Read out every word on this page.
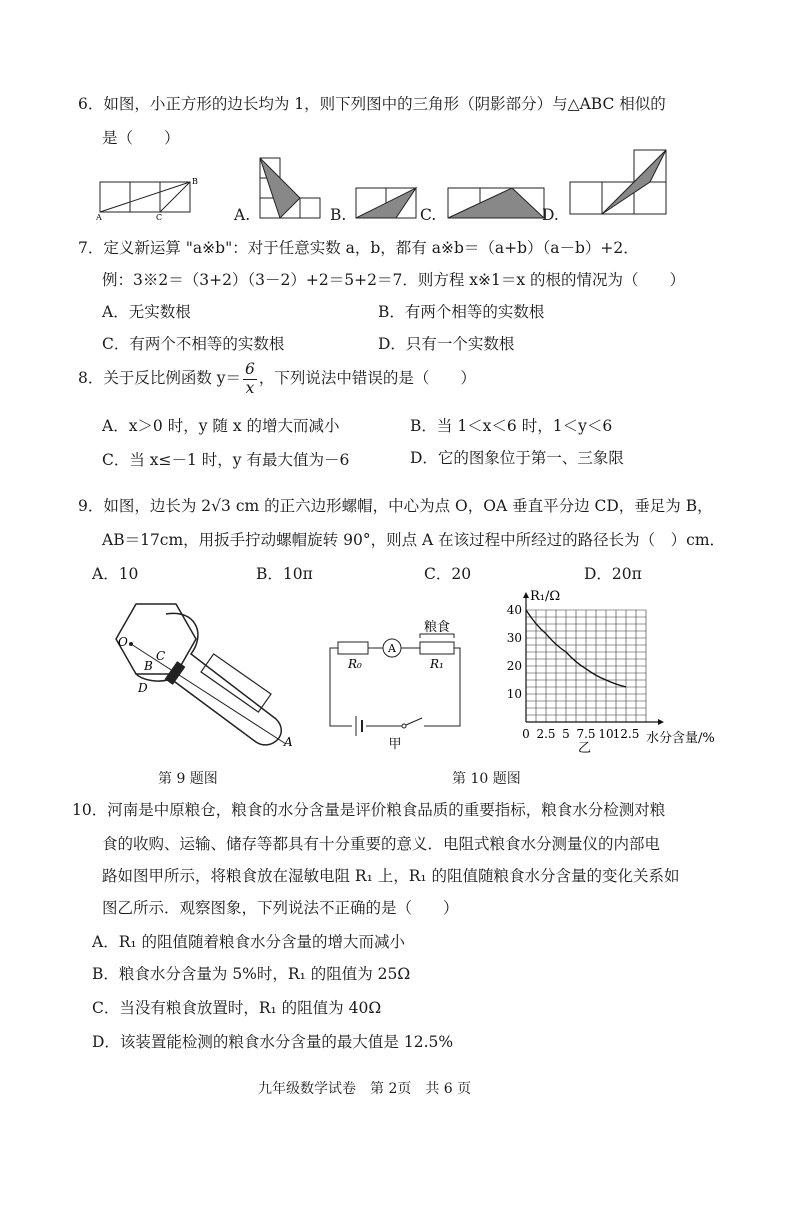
6．如图，小正方形的边长均为 1，则下列图中的三角形（阴影部分）与△ABC 相似的
是（　　）
A
B
C	A.	B.	C.	D.
7．定义新运算 "a※b"：对于任意实数 a，b，都有 a※b＝（a+b）（a－b）+2．
例：3※2＝（3+2）（3－2）+2＝5+2＝7．则方程 x※1＝x 的根的情况为（　　）
A．无实数根	B．有两个相等的实数根
C．有两个不相等的实数根	D．只有一个实数根
8．关于反比例函数 $y= \frac{6}{x}$ ，下列说法中错误的是（　　）
A．x＞0 时，y 随 x 的增大而减小	B．当 1＜x＜6 时，1＜y＜6
C．当 x≤－1 时，y 有最大值为－6	D．它的图象位于第一、三象限
9．如图，边长为 2√3 cm 的正六边形螺帽，中心为点 O，OA 垂直平分边 CD，垂足为 B，
AB＝17cm，用扳手拧动螺帽旋转 90°，则点 A 在该过程中所经过的路径长为（　）cm．
A．10	B．10π	C．20	D．20π
O
B
C
D
A
第 9 题图
A
粮食
R₀	R₁
甲
R₁/Ω
水分含量/%
乙
0 2.5 5 7.5 10 12.5
10
20
30
40
第 10 题图
10．河南是中原粮仓，粮食的水分含量是评价粮食品质的重要指标，粮食水分检测对粮
食的收购、运输、储存等都具有十分重要的意义．电阻式粮食水分测量仪的内部电
路如图甲所示，将粮食放在湿敏电阻 R₁ 上，R₁ 的阻值随粮食水分含量的变化关系如
图乙所示．观察图象，下列说法不正确的是（　　）
A．R₁ 的阻值随着粮食水分含量的增大而减小
B．粮食水分含量为 5%时，R₁ 的阻值为 25Ω
C．当没有粮食放置时，R₁ 的阻值为 40Ω
D．该装置能检测的粮食水分含量的最大值是 12.5%
九年级数学试卷　第 2页　共 6 页
